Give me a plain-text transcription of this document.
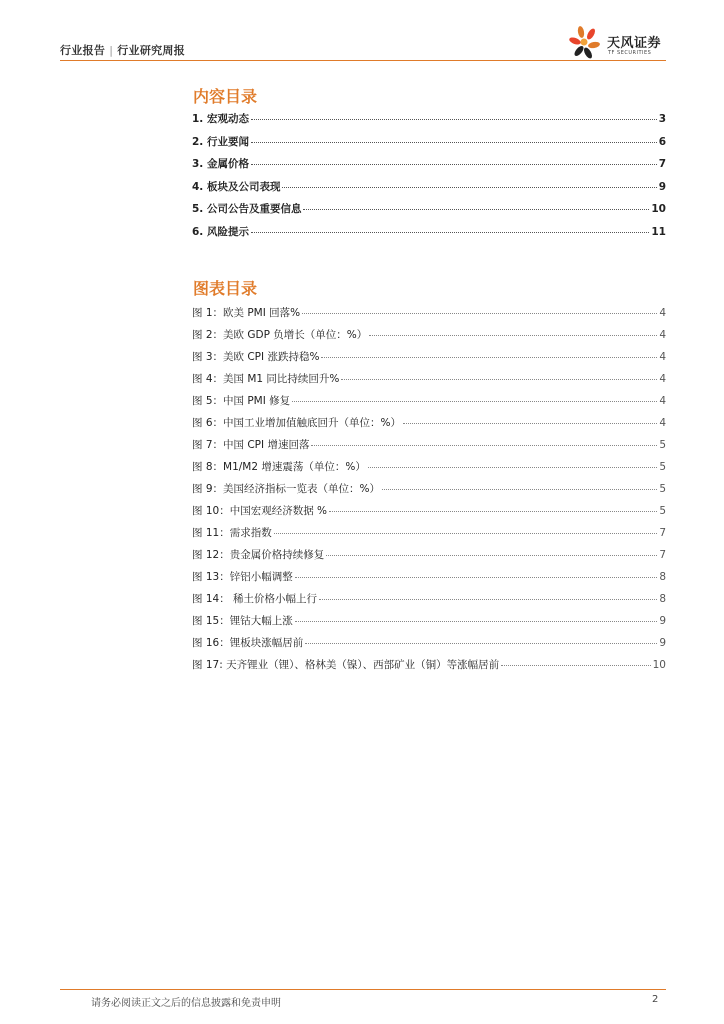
行业报告 | 行业研究周报	天风证券
TF SECURITIES
内容目录
1. 宏观动态	3
2. 行业要闻	6
3. 金属价格	7
4. 板块及公司表现	9
5. 公司公告及重要信息	10
6. 风险提示	11
图表目录
图 1：欧美 PMI 回落%	4
图 2：美欧 GDP 负增长（单位：%）	4
图 3：美欧 CPI 涨跌持稳%	4
图 4：美国 M1 同比持续回升%	4
图 5：中国 PMI 修复	4
图 6：中国工业增加值触底回升（单位：%）	4
图 7：中国 CPI 增速回落	5
图 8：M1/M2 增速震荡（单位：%）	5
图 9：美国经济指标一览表（单位：%）	5
图 10：中国宏观经济数据 %	5
图 11：需求指数	7
图 12：贵金属价格持续修复	7
图 13：锌铝小幅调整	8
图 14： 稀土价格小幅上行	8
图 15：锂钴大幅上涨	9
图 16：锂板块涨幅居前	9
图 17: 天齐锂业（锂）、格林美（镍）、西部矿业（铜）等涨幅居前	10
请务必阅读正文之后的信息披露和免责申明	2
